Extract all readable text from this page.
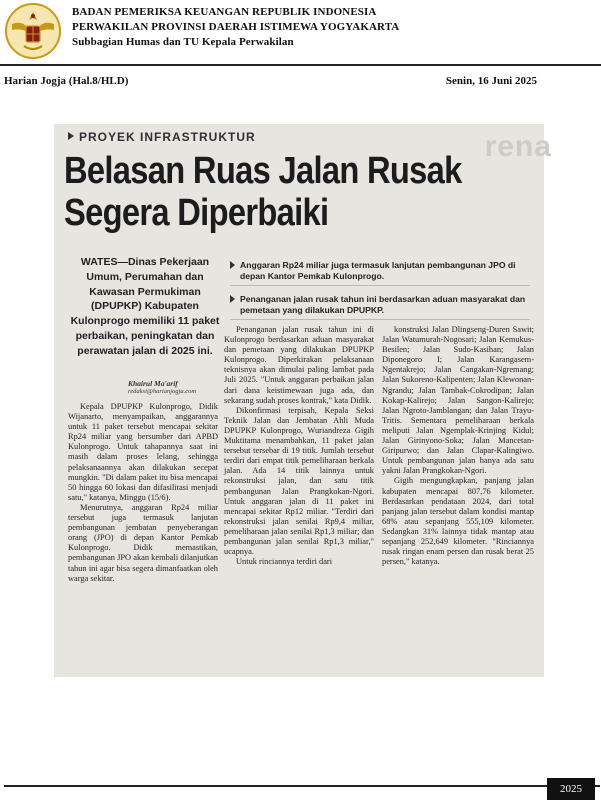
BADAN PEMERIKSA KEUANGAN REPUBLIK INDONESIA
PERWAKILAN PROVINSI DAERAH ISTIMEWA YOGYAKARTA
Subbagian Humas dan TU Kepala Perwakilan
Harian Jogja (Hal.8/HLD)	Senin, 16 Juni 2025
rena
PROYEK INFRASTRUKTUR
Belasan Ruas Jalan Rusak
Segera Diperbaiki
WATES—Dinas Pekerjaan Umum, Perumahan dan Kawasan Permukiman (DPUPKP) Kabupaten Kulonprogo memiliki 11 paket perbaikan, peningkatan dan perawatan jalan di 2025 ini.
Khairul Ma'arif
redaksi@harianjogja.com
Anggaran Rp24 miliar juga termasuk lanjutan pembangunan JPO di depan Kantor Pemkab Kulonprogo.
Penanganan jalan rusak tahun ini berdasarkan aduan masyarakat dan pemetaan yang dilakukan DPUPKP.

Kepala DPUPKP Kulonprogo, Didik Wijanarto, menyampaikan, anggarannya untuk 11 paket tersebut mencapai sekitar Rp24 miliar yang bersumber dari APBD Kulonprogo. Untuk tahapannya saat ini masih dalam proses lelang, sehingga pelaksanaannya akan dilakukan secepat mungkin. "Di dalam paket itu bisa mencapai 50 hingga 60 lokasi dan difasilitasi menjadi satu," katanya, Minggu (15/6).

Menurutnya, anggaran Rp24 miliar tersebut juga termasuk lanjutan pembangunan jembatan penyeberangan orang (JPO) di depan Kantor Pemkab Kulonprogo. Didik memastikan, pembangunan JPO akan kembali dilanjutkan tahun ini agar bisa segera dimanfaatkan oleh warga sekitar.

Penanganan jalan rusak tahun ini di Kulonprogo berdasarkan aduan masyarakat dan pemetaan yang dilakukan DPUPKP Kulonprogo. Diperkirakan pelaksanaan teknisnya akan dimulai paling lambat pada Juli 2025. "Untuk anggaran perbaikan jalan dari dana keistimewaan juga ada, dan sekarang sudah proses kontrak," kata Didik.

Dikonfirmasi terpisah, Kepala Seksi Teknik Jalan dan Jembatan Ahli Muda DPUPKP Kulonprogo, Wuriandreza Gigih Muktitama menambahkan, 11 paket jalan tersebut tersebar di 19 titik. Jumlah tersebut terdiri dari empat titik pemeliharaan berkala jalan. Ada 14 titik lainnya untuk rekonstruksi jalan, dan satu titik pembangunan Jalan Prangkokan-Ngori. Untuk anggaran jalan di 11 paket ini mencapai sekitar Rp12 miliar. "Terdiri dari rekonstruksi jalan senilai Rp9,4 miliar, pemeliharaan jalan senilai Rp1,3 miliar; dan pembangunan jalan senilai Rp1,3 miliar," ucapnya.

Untuk rinciannya terdiri dari

konstruksi Jalan Dlingseng-Duren Sawit; Jalan Watumurah-Nogosari; Jalan Kemukus-Besilen; Jalan Sudo-Kasihan; Jalan Diponegoro I; Jalan Karangasem-Ngentakrejo; Jalan Cangakan-Ngremang; Jalan Sukoreno-Kalipenten; Jalan Klewonan-Ngrandu; Jalan Tambak-Cokrodipan; Jalan Kokap-Kalirejo; Jalan Sangon-Kalirejo; Jalan Ngroto-Jamblangan; dan Jalan Trayu-Tritis. Sementara pemeliharaan berkala meliputi Jalan Ngemplak-Krinjing Kidul; Jalan Girinyono-Soka; Jalan Mancetan-Giripurwo; dan Jalan Clapar-Kalingiwo. Untuk pembangunan jalan hanya ada satu yakni Jalan Prangkokan-Ngori.

Gigih mengungkapkan, panjang jalan kabupaten mencapai 807,76 kilometer. Berdasarkan pendataan 2024, dari total panjang jalan tersebut dalam kondisi mantap 68% atau sepanjang 555,109 kilometer. Sedangkan 31% lainnya tidak mantap atau sepanjang 252,649 kilometer. "Rinciannya rusak ringan enam persen dan rusak berat 25 persen," katanya.

2025
